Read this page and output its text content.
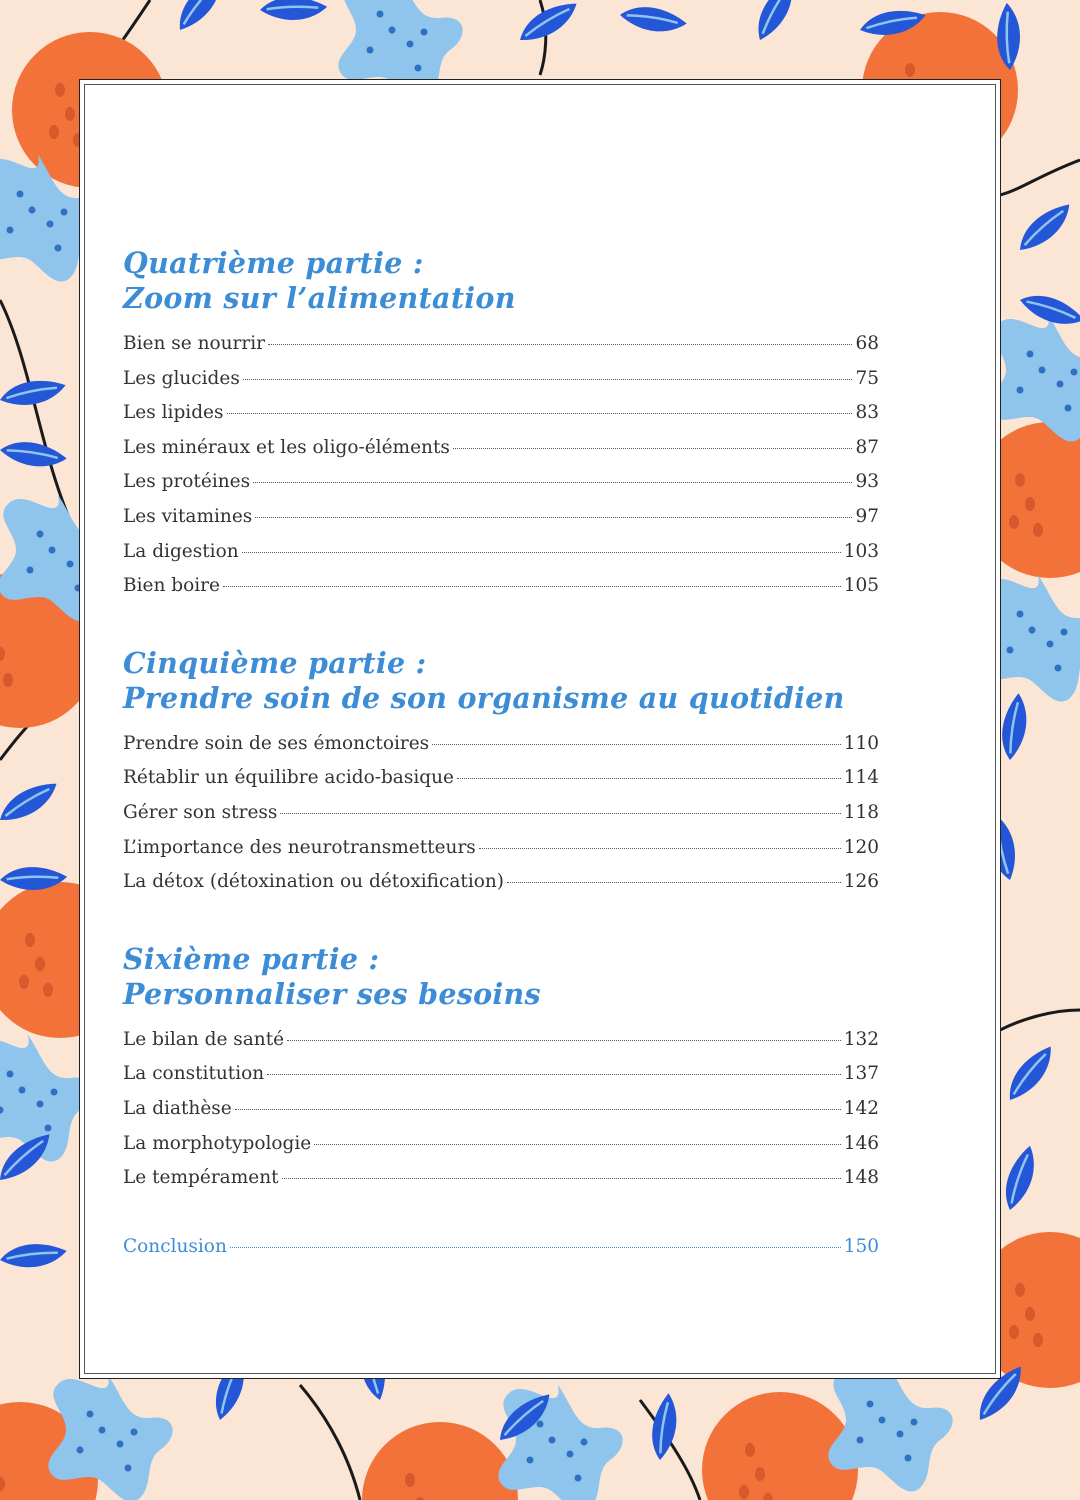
Quatrième partie :
Zoom sur l’alimentation
Bien se nourrir	68
Les glucides	75
Les lipides	83
Les minéraux et les oligo-éléments	87
Les protéines	93
Les vitamines	97
La digestion	103
Bien boire	105
Cinquième partie :
Prendre soin de son organisme au quotidien
Prendre soin de ses émonctoires	110
Rétablir un équilibre acido-basique	114
Gérer son stress	118
L’importance des neurotransmetteurs	120
La détox (détoxination ou détoxification)	126
Sixième partie :
Personnaliser ses besoins
Le bilan de santé	132
La constitution	137
La diathèse	142
La morphotypologie	146
Le tempérament	148
Conclusion	150
